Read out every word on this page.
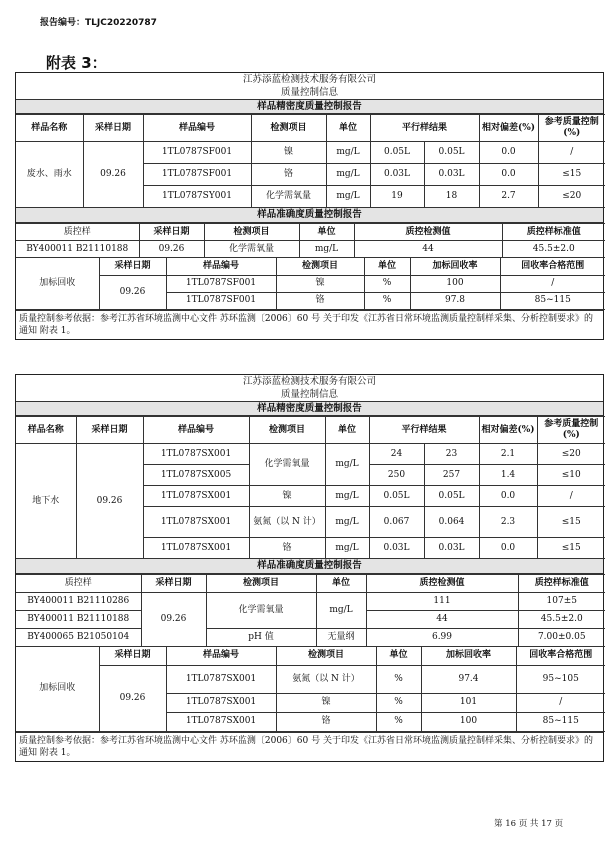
报告编号：TLJC20220787
附表 3：
江苏添蓝检测技术服务有限公司
质量控制信息
样品精密度质量控制报告
样品名称	采样日期	样品编号	检测项目	单位	平行样结果		相对偏差(%)	参考质量控制(%)
废水、雨水	09.26	1TL0787SF001	镍	mg/L	0.05L	0.05L	0.0	/
		1TL0787SF001	铬	mg/L	0.03L	0.03L	0.0	≤15
		1TL0787SY001	化学需氧量	mg/L	19	18	2.7	≤20
样品准确度质量控制报告
质控样	采样日期	检测项目	单位	质控检测值	质控样标准值
BY400011 B21110188	09.26	化学需氧量	mg/L	44	45.5±2.0
加标回收	采样日期	样品编号	检测项目	单位	加标回收率	回收率合格范围
	09.26	1TL0787SF001	镍	%	100	/
		1TL0787SF001	铬	%	97.8	85~115
质量控制参考依据：参考江苏省环境监测中心文件 苏环监测〔2006〕60 号 关于印发《江苏省日常环境监测质量控制样采集、分析控制要求》的通知 附表 1。
江苏添蓝检测技术服务有限公司
质量控制信息
样品精密度质量控制报告
样品名称	采样日期	样品编号	检测项目	单位	平行样结果		相对偏差(%)	参考质量控制(%)
地下水	09.26	1TL0787SX001	化学需氧量	mg/L	24	23	2.1	≤20
		1TL0787SX005			250	257	1.4	≤10
		1TL0787SX001	镍	mg/L	0.05L	0.05L	0.0	/
		1TL0787SX001	氨氮（以 N 计）	mg/L	0.067	0.064	2.3	≤15
		1TL0787SX001	铬	mg/L	0.03L	0.03L	0.0	≤15
样品准确度质量控制报告
质控样	采样日期	检测项目	单位	质控检测值	质控样标准值
BY400011 B21110286	09.26	化学需氧量	mg/L	111	107±5
BY400011 B21110188				44	45.5±2.0
BY400065 B21050104		pH 值	无量纲	6.99	7.00±0.05
加标回收	采样日期	样品编号	检测项目	单位	加标回收率	回收率合格范围
	09.26	1TL0787SX001	氨氮（以 N 计）	%	97.4	95~105
		1TL0787SX001	镍	%	101	/
		1TL0787SX001	铬	%	100	85~115
质量控制参考依据：参考江苏省环境监测中心文件 苏环监测〔2006〕60 号 关于印发《江苏省日常环境监测质量控制样采集、分析控制要求》的通知 附表 1。
第 16 页 共 17 页
